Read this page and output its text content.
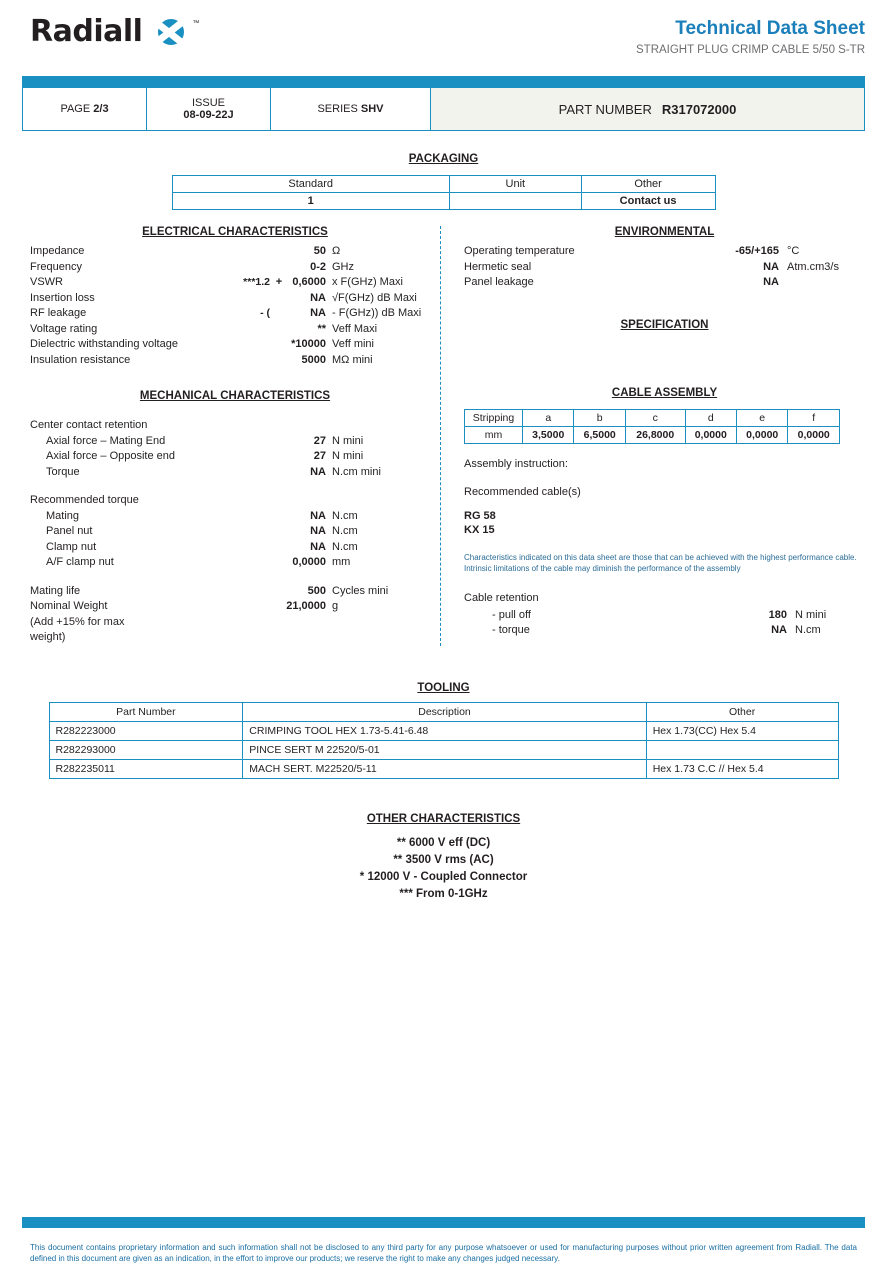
Radiall	™	Technical Data Sheet
STRAIGHT PLUG CRIMP CABLE 5/50 S-TR
PAGE 2/3	ISSUE
08-09-22J	SERIES SHV	PART NUMBER R317072000
PACKAGING
Standard	Unit	Other
1		Contact us
ELECTRICAL CHARACTERISTICS
Impedance	50 Ω
Frequency	0-2 GHz
VSWR	***1.2 + 0,6000 x F(GHz) Maxi
Insertion loss	NA √F(GHz) dB Maxi
RF leakage	- (	NA - F(GHz)) dB Maxi
Voltage rating	** Veff Maxi
Dielectric withstanding voltage	*10000 Veff mini
Insulation resistance	5000 MΩ mini
MECHANICAL CHARACTERISTICS
Center contact retention
Axial force – Mating End	27 N mini
Axial force – Opposite end	27 N mini
Torque	NA N.cm mini
Recommended torque
Mating	NA N.cm
Panel nut	NA N.cm
Clamp nut	NA N.cm
A/F clamp nut	0,0000 mm
Mating life	500 Cycles mini
Nominal Weight	21,0000 g
(Add +15% for max
weight)
ENVIRONMENTAL
Operating temperature	-65/+165 °C
Hermetic seal	NA Atm.cm3/s
Panel leakage	NA
SPECIFICATION
CABLE ASSEMBLY
Stripping	a	b	c	d	e	f
mm	3,5000	6,5000	26,8000	0,0000	0,0000	0,0000
Assembly instruction:
Recommended cable(s)
RG 58
KX 15
Characteristics indicated on this data sheet are those that can be achieved with the highest performance cable. Intrinsic limitations of the cable may diminish the performance of the assembly
Cable retention
- pull off	180 N mini
- torque	NA N.cm
TOOLING
Part Number	Description	Other
R282223000	CRIMPING TOOL HEX 1.73-5.41-6.48	Hex 1.73(CC) Hex 5.4
R282293000	PINCE SERT M 22520/5-01	
R282235011	MACH SERT. M22520/5-11	Hex 1.73 C.C // Hex 5.4
OTHER CHARACTERISTICS
** 6000 V eff (DC)
** 3500 V rms (AC)
* 12000 V - Coupled Connector
*** From 0-1GHz
This document contains proprietary information and such information shall not be disclosed to any third party for any purpose whatsoever or used for manufacturing purposes without prior written agreement from Radiall. The data defined in this document are given as an indication, in the effort to improve our products; we reserve the right to make any changes judged necessary.
